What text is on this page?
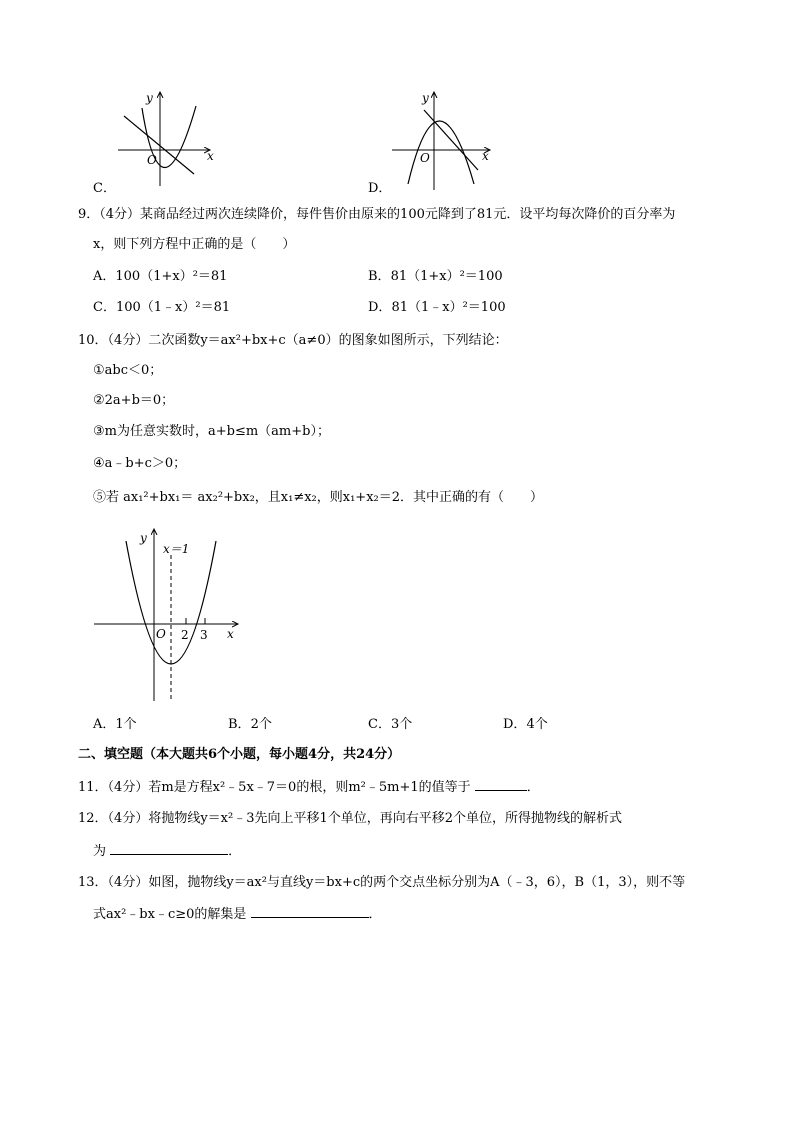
O	x
y
C．
O	x
y
D．
9．（4分）某商品经过两次连续降价，每件售价由原来的100元降到了81元．设平均每次降价的百分率为
x，则下列方程中正确的是（　　）
A．100（1+x）²＝81	B．81（1+x）²＝100
C．100（1﹣x）²＝81	D．81（1﹣x）²＝100
10．（4分）二次函数y＝ax²+bx+c（a≠0）的图象如图所示，下列结论：
①abc＜0；
②2a+b＝0；
③m为任意实数时，a+b≤m（am+b）；
④a﹣b+c＞0；
⑤若 ax₁²+bx₁＝ ax₂²+bx₂，且x₁≠x₂，则x₁+x₂＝2．其中正确的有（　　）
y
x＝1
O 2 3 x
A．1个	B．2个	C．3个	D．4个
二、填空题（本大题共6个小题，每小题4分，共24分）
11．（4分）若m是方程x²﹣5x﹣7＝0的根，则m²﹣5m+1的值等于	．
12．（4分）将抛物线y＝x²﹣3先向上平移1个单位，再向右平移2个单位，所得抛物线的解析式
为	．
13．（4分）如图，抛物线y＝ax²与直线y＝bx+c的两个交点坐标分别为A（﹣3，6），B（1，3），则不等
式ax²﹣bx﹣c≥0的解集是	．
